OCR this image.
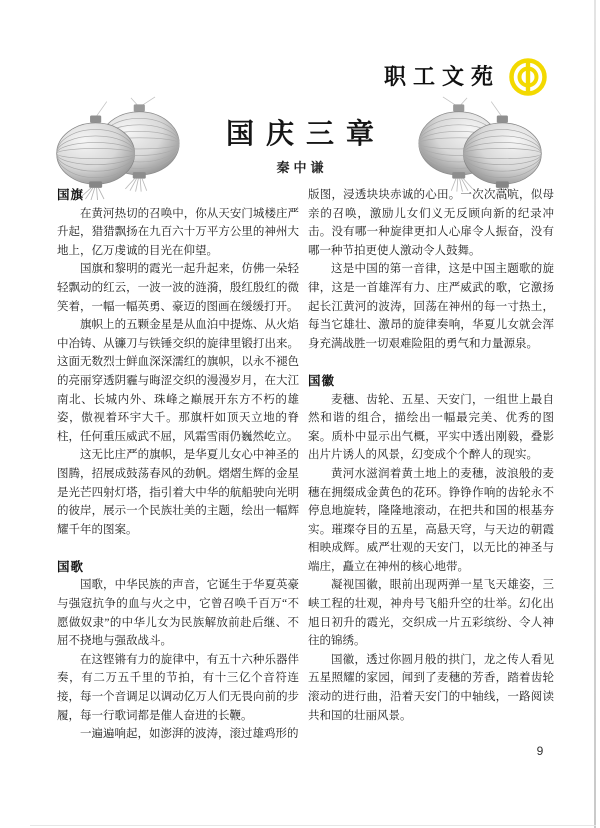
职工文苑
国庆三章
秦中谦
国旗

在黄河热切的召唤中，你从天安门城楼庄严升起，猎猎飘扬在九百六十万平方公里的神州大地上，亿万虔诚的目光在仰望。

国旗和黎明的霞光一起升起来，仿佛一朵轻轻飘动的红云，一波一波的涟漪，殷红殷红的微笑着，一幅一幅英勇、豪迈的图画在缓缓打开。

旗帜上的五颗金星是从血泊中提炼、从火焰中冶铸、从镰刀与铁锤交织的旋律里锻打出来。这面无数烈士鲜血深深濡红的旗帜，以永不褪色的亮丽穿透阴霾与晦涩交织的漫漫岁月，在大江南北、长城内外、珠峰之巅展开东方不朽的雄姿，傲视着环宇大千。那旗杆如顶天立地的脊柱，任何重压威武不屈，风霜雪雨仍巍然屹立。

这无比庄严的旗帜，是华夏儿女心中神圣的图腾，招展成鼓荡春风的劲帆。熠熠生辉的金星是光芒四射灯塔，指引着大中华的航船驶向光明的彼岸，展示一个民族壮美的主题，绘出一幅辉耀千年的图案。

国歌

国歌，中华民族的声音，它诞生于华夏英豪与强寇抗争的血与火之中，它曾召唤千百万“不愿做奴隶”的中华儿女为民族解放前赴后继、不屈不挠地与强敌战斗。

在这铿锵有力的旋律中，有五十六种乐器伴奏，有二万五千里的节拍，有十三亿个音符连接，每一个音调足以调动亿万人们无畏向前的步履，每一行歌词都是催人奋进的长鞭。

一遍遍响起，如澎湃的波涛，滚过雄鸡形的

版图，浸透块块赤诚的心田。一次次高吭，似母亲的召唤，激励儿女们义无反顾向新的纪录冲击。没有哪一种旋律更扣人心扉令人振奋，没有哪一种节拍更使人激动令人鼓舞。

这是中国的第一音律，这是中国主题歌的旋律，这是一首雄浑有力、庄严威武的歌，它激扬起长江黄河的波涛，回荡在神州的每一寸热土，每当它雄壮、激昂的旋律奏响，华夏儿女就会浑身充满战胜一切艰难险阻的勇气和力量源泉。

国徽

麦穗、齿轮、五星、天安门，一组世上最自然和谐的组合，描绘出一幅最完美、优秀的图案。质朴中显示出气概，平实中透出刚毅，叠影出片片诱人的风景，幻变成个个醉人的现实。

黄河水滋润着黄土地上的麦穗，波浪般的麦穗在拥缀成金黄色的花环。铮铮作响的齿轮永不停息地旋转，隆隆地滚动，在把共和国的根基夯实。璀璨夺目的五星，高悬天穹，与天边的朝霞相映成辉。威严壮观的天安门，以无比的神圣与端庄，矗立在神州的核心地带。

凝视国徽，眼前出现两弹一星飞天雄姿，三峡工程的壮观，神舟号飞船升空的壮举。幻化出旭日初升的霞光，交织成一片五彩缤纷、令人神往的锦绣。

国徽，透过你圆月般的拱门，龙之传人看见五星照耀的家园，闻到了麦穗的芳香，踏着齿轮滚动的进行曲，沿着天安门的中轴线，一路阅读共和国的壮丽风景。

9
